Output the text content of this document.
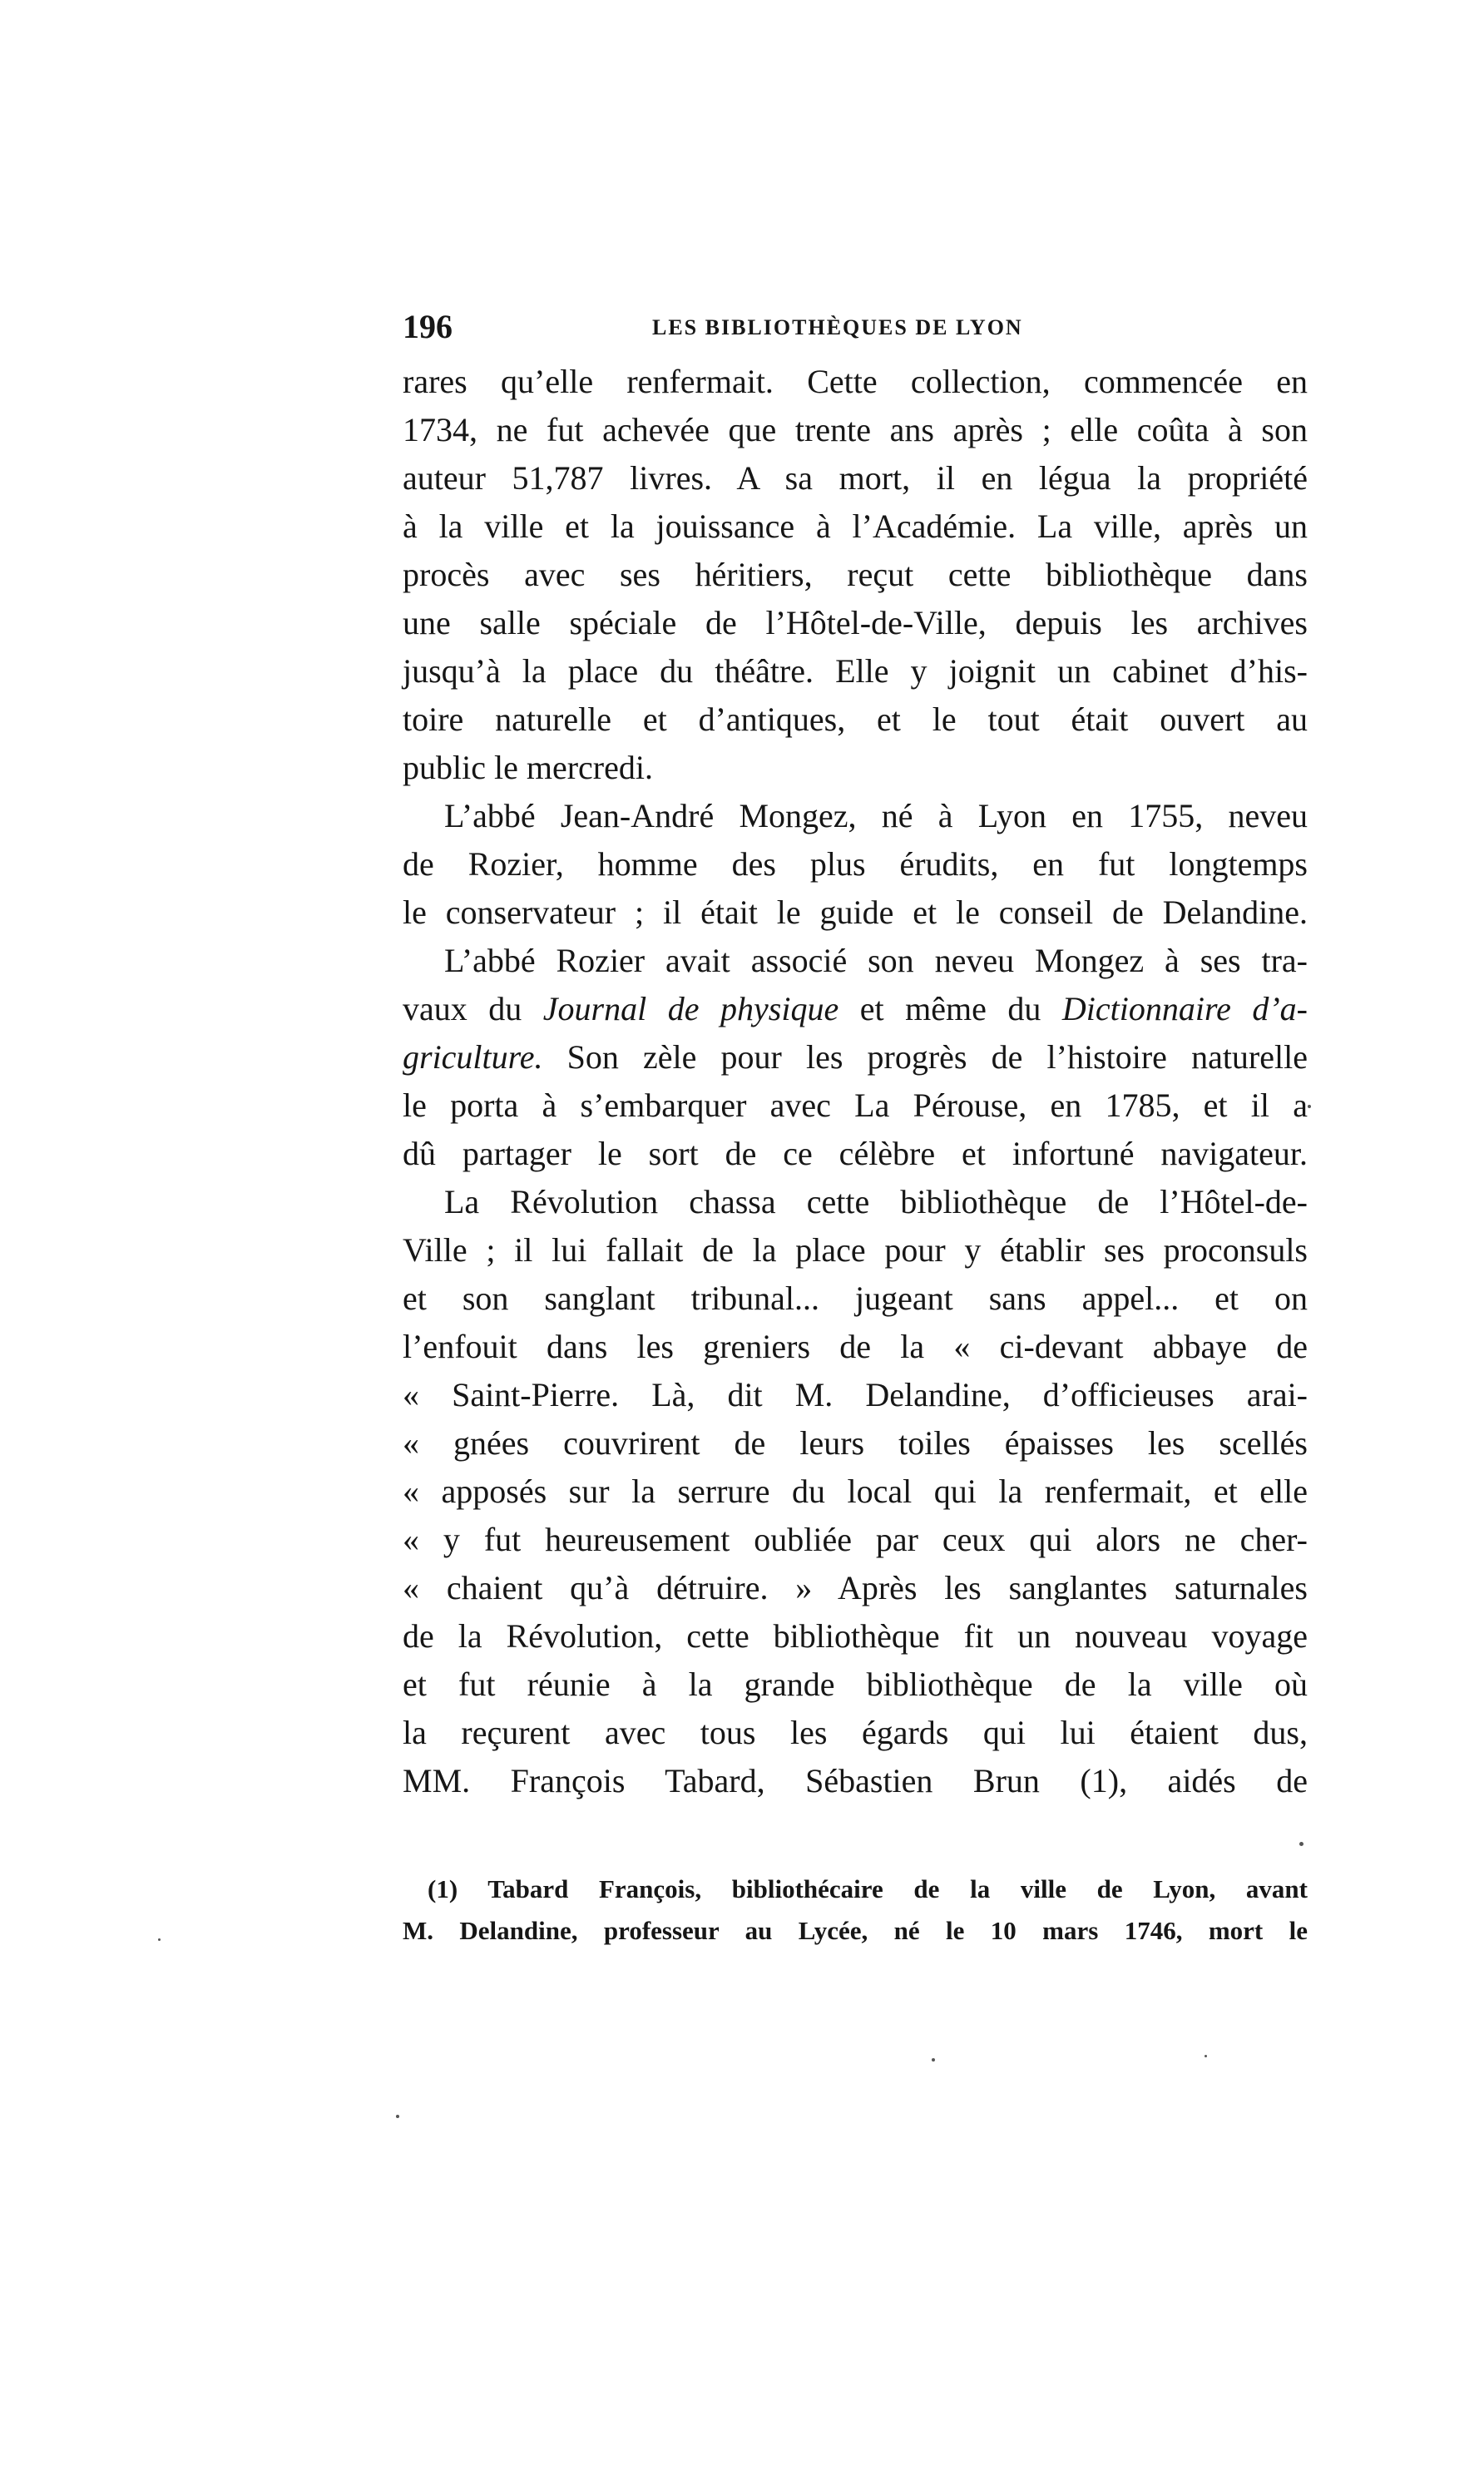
196	LES BIBLIOTHÈQUES DE LYON
rares qu’elle renfermait. Cette collection, commencée en
1734, ne fut achevée que trente ans après ; elle coûta à son
auteur 51,787 livres. A sa mort, il en légua la propriété
à la ville et la jouissance à l’Académie. La ville, après un
procès avec ses héritiers, reçut cette bibliothèque dans
une salle spéciale de l’Hôtel-de-Ville, depuis les archives
jusqu’à la place du théâtre. Elle y joignit un cabinet d’his-
toire naturelle et d’antiques, et le tout était ouvert au
public le mercredi.
L’abbé Jean-André Mongez, né à Lyon en 1755, neveu
de Rozier, homme des plus érudits, en fut longtemps
le conservateur ; il était le guide et le conseil de Delandine.
L’abbé Rozier avait associé son neveu Mongez à ses tra-
vaux du Journal de physique et même du Dictionnaire d’a-
griculture. Son zèle pour les progrès de l’histoire naturelle
le porta à s’embarquer avec La Pérouse, en 1785, et il a
dû partager le sort de ce célèbre et infortuné navigateur.
La Révolution chassa cette bibliothèque de l’Hôtel-de-
Ville ; il lui fallait de la place pour y établir ses proconsuls
et son sanglant tribunal... jugeant sans appel... et on
l’enfouit dans les greniers de la « ci-devant abbaye de
« Saint-Pierre. Là, dit M. Delandine, d’officieuses arai-
« gnées couvrirent de leurs toiles épaisses les scellés
« apposés sur la serrure du local qui la renfermait, et elle
« y fut heureusement oubliée par ceux qui alors ne cher-
« chaient qu’à détruire. » Après les sanglantes saturnales
de la Révolution, cette bibliothèque fit un nouveau voyage
et fut réunie à la grande bibliothèque de la ville où
la reçurent avec tous les égards qui lui étaient dus,
MM. François Tabard, Sébastien Brun (1), aidés de
(1) Tabard François, bibliothécaire de la ville de Lyon, avant
M. Delandine, professeur au Lycée, né le 10 mars 1746, mort le
